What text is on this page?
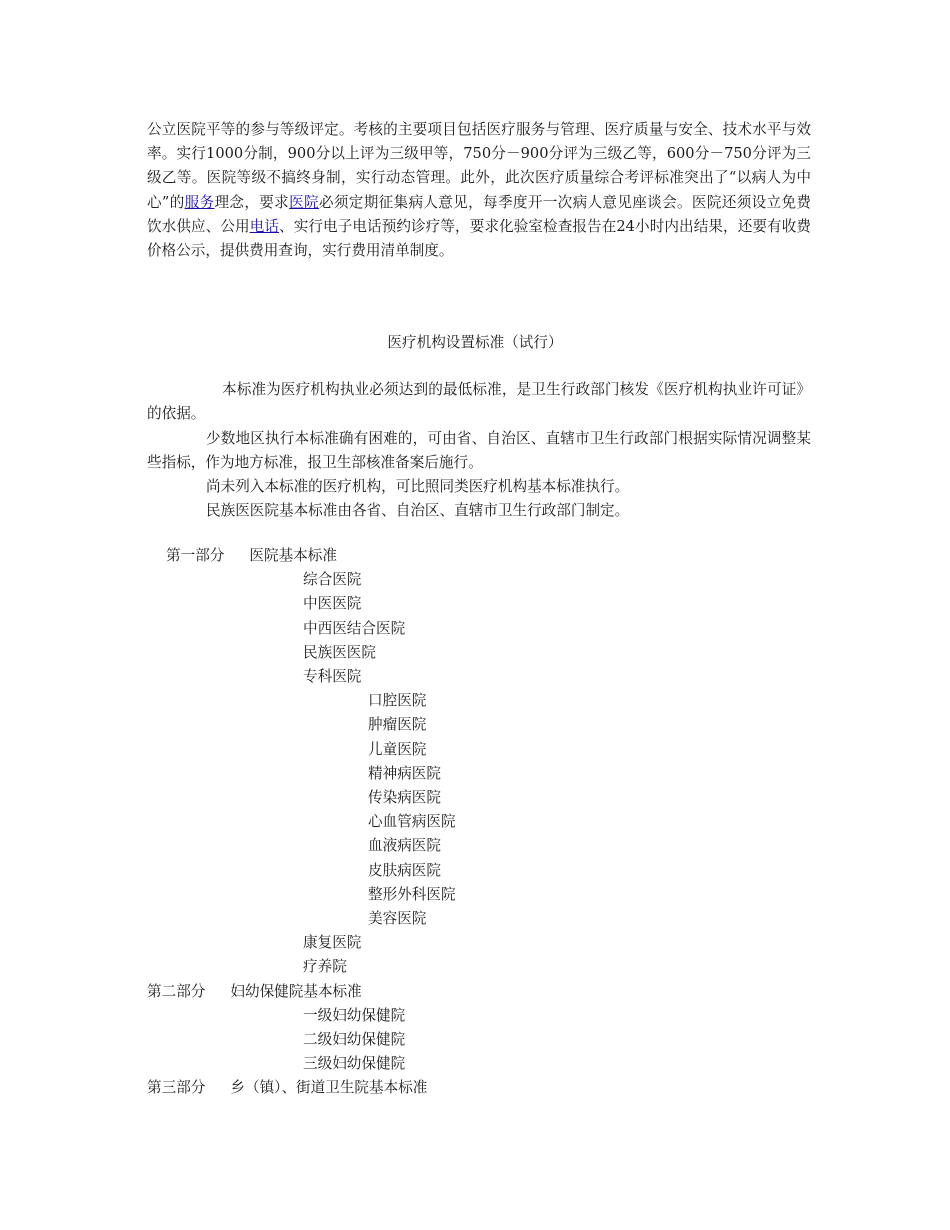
公立医院平等的参与等级评定。考核的主要项目包括医疗服务与管理、医疗质量与安全、技术水平与效率。实行1000分制，900分以上评为三级甲等，750分－900分评为三级乙等，600分－750分评为三级乙等。医院等级不搞终身制，实行动态管理。此外，此次医疗质量综合考评标准突出了“以病人为中心”的服务理念，要求医院必须定期征集病人意见，每季度开一次病人意见座谈会。医院还须设立免费饮水供应、公用电话、实行电子电话预约诊疗等，要求化验室检查报告在24小时内出结果，还要有收费价格公示，提供费用查询，实行费用清单制度。
医疗机构设置标准（试行）
本标准为医疗机构执业必须达到的最低标准，是卫生行政部门核发《医疗机构执业许可证》的依据。
少数地区执行本标准确有困难的，可由省、自治区、直辖市卫生行政部门根据实际情况调整某些指标，作为地方标准，报卫生部核准备案后施行。
尚未列入本标准的医疗机构，可比照同类医疗机构基本标准执行。
民族医医院基本标准由各省、自治区、直辖市卫生行政部门制定。
第一部分 医院基本标准
综合医院
中医医院
中西医结合医院
民族医医院
专科医院
口腔医院
肿瘤医院
儿童医院
精神病医院
传染病医院
心血管病医院
血液病医院
皮肤病医院
整形外科医院
美容医院
康复医院
疗养院
第二部分 妇幼保健院基本标准
一级妇幼保健院
二级妇幼保健院
三级妇幼保健院
第三部分 乡（镇）、街道卫生院基本标准
